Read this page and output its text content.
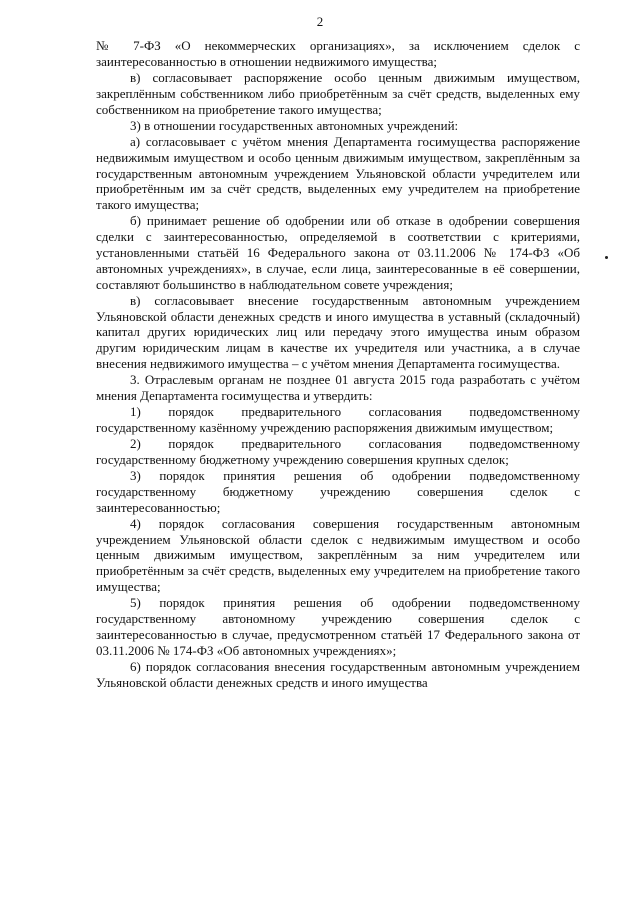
2

№ 7-ФЗ «О некоммерческих организациях», за исключением сделок с заинтересованностью в отношении недвижимого имущества;

в) согласовывает распоряжение особо ценным движимым имуществом, закреплённым собственником либо приобретённым за счёт средств, выделенных ему собственником на приобретение такого имущества;

3) в отношении государственных автономных учреждений:

а) согласовывает с учётом мнения Департамента госимущества распоряжение недвижимым имуществом и особо ценным движимым имуществом, закреплённым за государственным автономным учреждением Ульяновской области учредителем или приобретённым им за счёт средств, выделенных ему учредителем на приобретение такого имущества;

б) принимает решение об одобрении или об отказе в одобрении совершения сделки с заинтересованностью, определяемой в соответствии с критериями, установленными статьёй 16 Федерального закона от 03.11.2006 № 174-ФЗ «Об автономных учреждениях», в случае, если лица, заинтересованные в её совершении, составляют большинство в наблюдательном совете учреждения;

в) согласовывает внесение государственным автономным учреждением Ульяновской области денежных средств и иного имущества в уставный (складочный) капитал других юридических лиц или передачу этого имущества иным образом другим юридическим лицам в качестве их учредителя или участника, а в случае внесения недвижимого имущества – с учётом мнения Департамента госимущества.

3. Отраслевым органам не позднее 01 августа 2015 года разработать с учётом мнения Департамента госимущества и утвердить:

1) порядок предварительного согласования подведомственному государственному казённому учреждению распоряжения движимым имуществом;

2) порядок предварительного согласования подведомственному государственному бюджетному учреждению совершения крупных сделок;

3) порядок принятия решения об одобрении подведомственному государственному бюджетному учреждению совершения сделок с заинтересованностью;

4) порядок согласования совершения государственным автономным учреждением Ульяновской области сделок с недвижимым имуществом и особо ценным движимым имуществом, закреплённым за ним учредителем или приобретённым за счёт средств, выделенных ему учредителем на приобретение такого имущества;

5) порядок принятия решения об одобрении подведомственному государственному автономному учреждению совершения сделок с заинтересованностью в случае, предусмотренном статьёй 17 Федерального закона от 03.11.2006 № 174-ФЗ «Об автономных учреждениях»;

6) порядок согласования внесения государственным автономным учреждением Ульяновской области денежных средств и иного имущества
